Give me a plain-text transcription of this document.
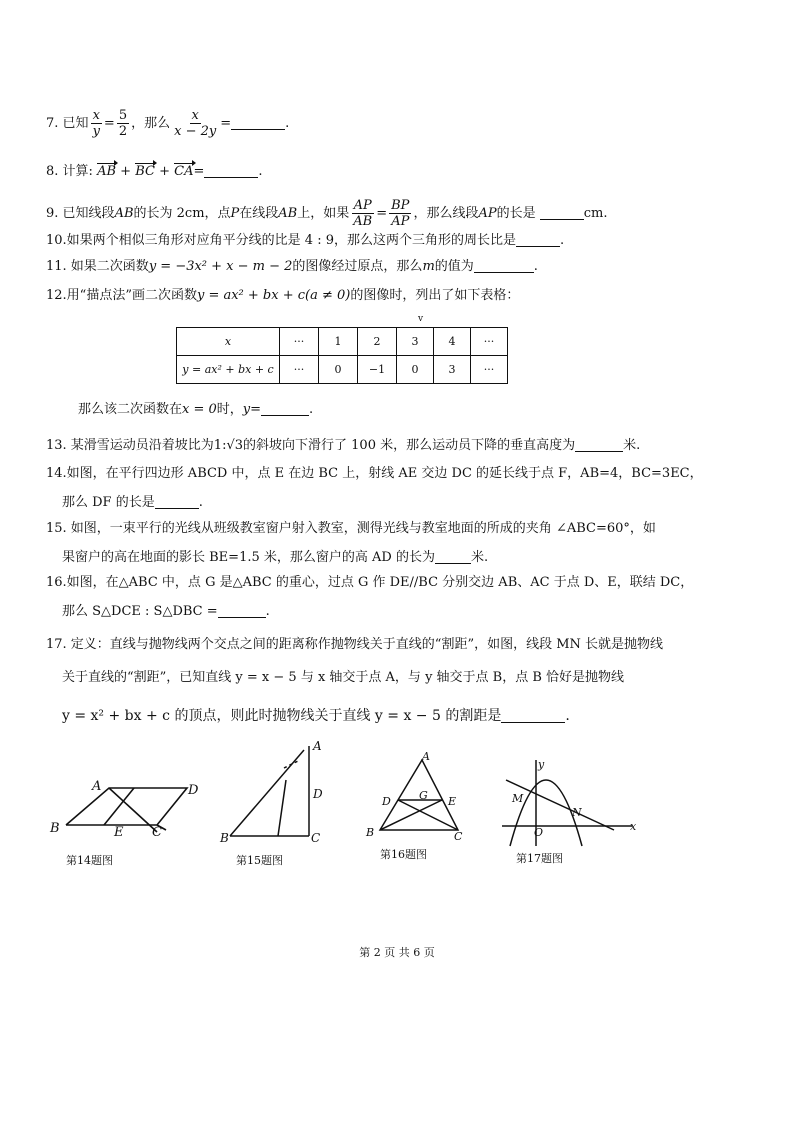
7. 已知 $\frac{x}{y} = \frac{5}{2}$ ，那么 $\frac{x}{x - 2y}$ =	.
8. 计算: AB + BC + CA=	.
9. 已知线段AB的长为 2cm，点P在线段AB上，如果 $\frac{AP}{AB} = \frac{BP}{AP}$ ，那么线段AP的长是	cm.
10.如果两个相似三角形对应角平分线的比是 4 : 9，那么这两个三角形的周长比是	.
11. 如果二次函数y = −3x² + x − m − 2的图像经过原点，那么m的值为	.
12.用“描点法”画二次函数y = ax² + bx + c(a ≠ 0)的图像时，列出了如下表格：
v
x	···	1	2	3	4	···
y = ax² + bx + c	···	0	−1	0	3	···
那么该二次函数在x = 0时，y=	.
13. 某滑雪运动员沿着坡比为1:√3的斜坡向下滑行了 100 米，那么运动员下降的垂直高度为	米.
14.如图，在平行四边形 ABCD 中，点 E 在边 BC 上，射线 AE 交边 DC 的延长线于点 F，AB=4，BC=3EC，
那么 DF 的长是	.
15. 如图，一束平行的光线从班级教室窗户射入教室，测得光线与教室地面的所成的夹角 ∠ABC=60°，如
果窗户的高在地面的影长 BE=1.5 米，那么窗户的高 AD 的长为	米.
16.如图，在△ABC 中，点 G 是△ABC 的重心，过点 G 作 DE//BC 分别交边 AB、AC 于点 D、E，联结 DC，
那么 S△DCE : S△DBC =	.
17. 定义：直线与抛物线两个交点之间的距离称作抛物线关于直线的“割距”，如图，线段 MN 长就是抛物线
关于直线的“割距”，已知直线 y = x − 5 与 x 轴交于点 A，与 y 轴交于点 B，点 B 恰好是抛物线
y = x² + bx + c 的顶点，则此时抛物线关于直线 y = x − 5 的割距是	.
A	D
B	E C
第14题图
A
D
B	C
第15题图
A
D	G E
B	C
第16题图
y
M
N
O	x
第17题图
第 2 页 共 6 页
